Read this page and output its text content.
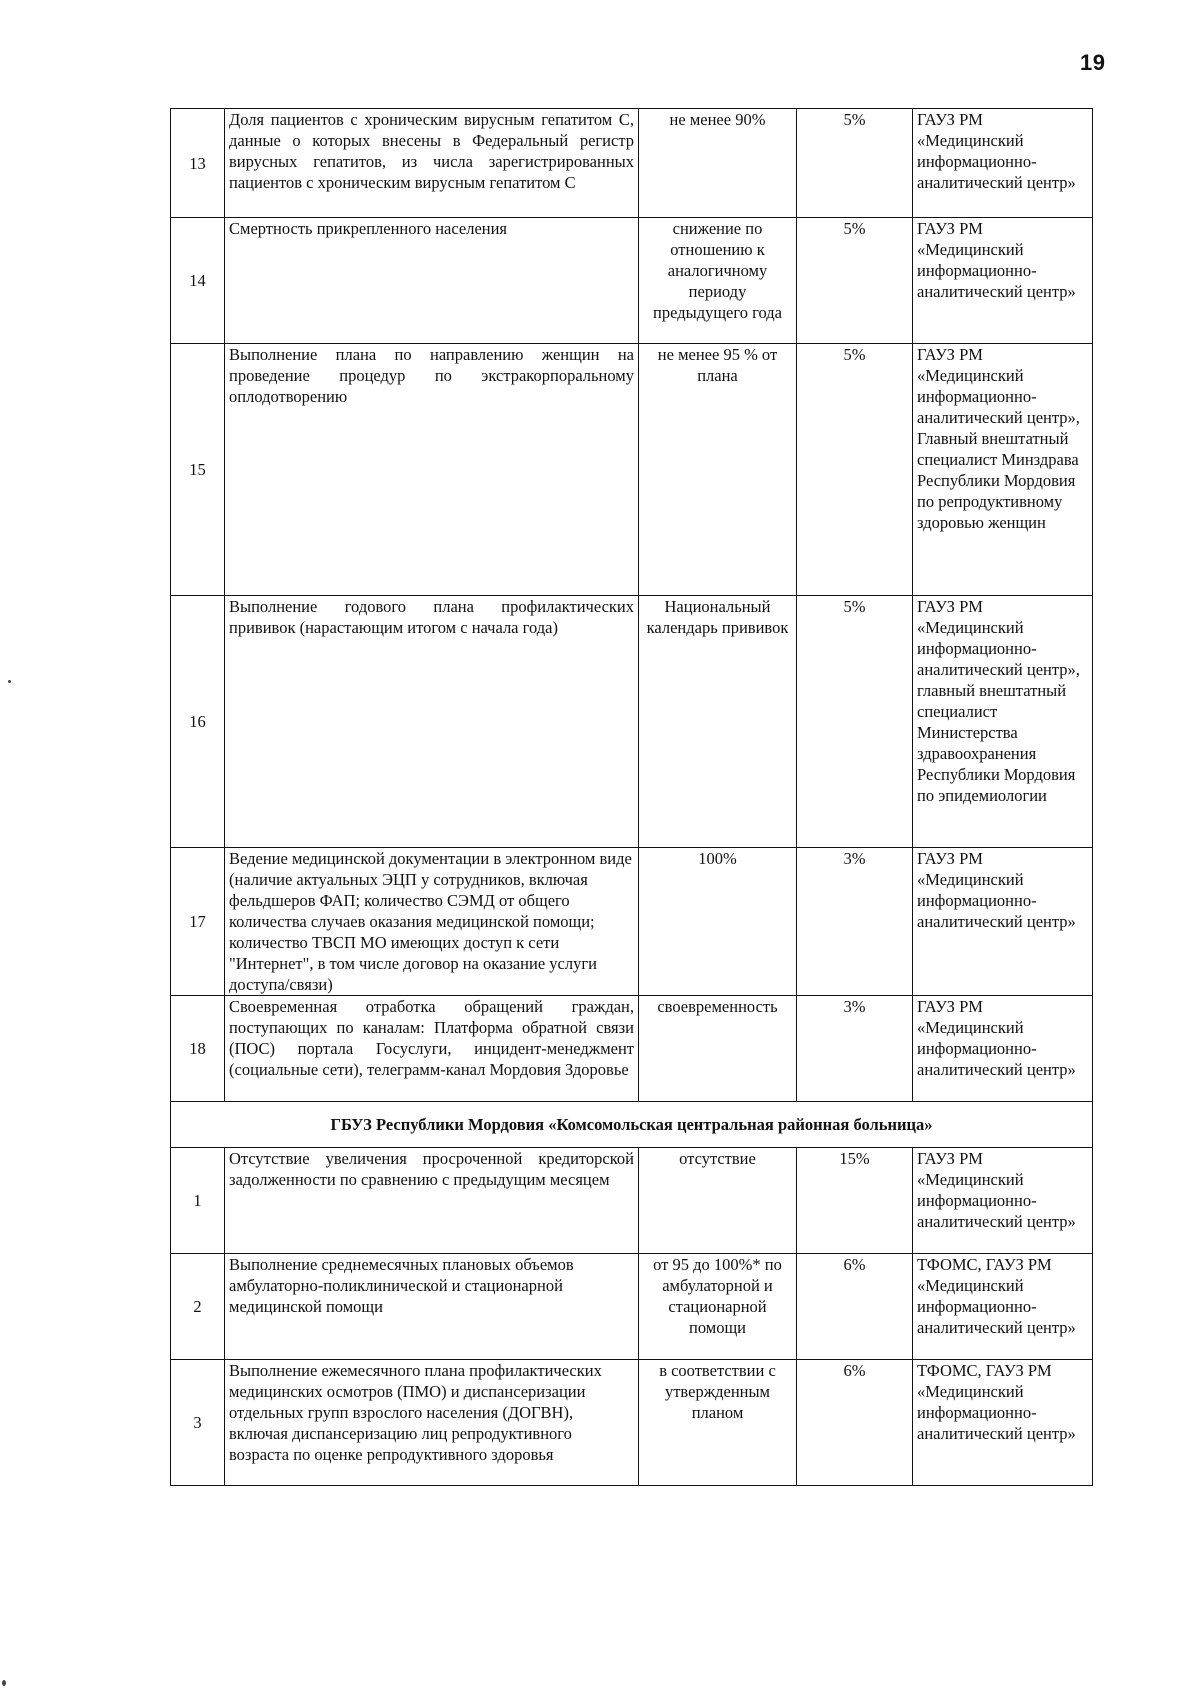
19
13	Доля пациентов с хроническим вирусным гепатитом С, данные о которых внесены в Федеральный регистр вирусных гепатитов, из числа зарегистрированных пациентов с хроническим вирусным гепатитом С	не менее 90%	5%	ГАУЗ РМ «Медицинский информационно-аналитический центр»
14	Смертность прикрепленного населения	снижение по отношению к аналогичному периоду предыдущего года	5%	ГАУЗ РМ «Медицинский информационно-аналитический центр»
15	Выполнение плана по направлению женщин на проведение процедур по экстракорпоральному оплодотворению	не менее 95 % от плана	5%	ГАУЗ РМ «Медицинский информационно-аналитический центр», Главный внештатный специалист Минздрава Республики Мордовия по репродуктивному здоровью женщин
16	Выполнение годового плана профилактических прививок (нарастающим итогом с начала года)	Национальный календарь прививок	5%	ГАУЗ РМ «Медицинский информационно-аналитический центр», главный внештатный специалист Министерства здравоохранения Республики Мордовия по эпидемиологии
17	Ведение медицинской документации в электронном виде (наличие актуальных ЭЦП у сотрудников, включая фельдшеров ФАП; количество СЭМД от общего количества случаев оказания медицинской помощи; количество ТВСП МО имеющих доступ к сети "Интернет", в том числе договор на оказание услуги доступа/связи)	100%	3%	ГАУЗ РМ «Медицинский информационно-аналитический центр»
18	Своевременная отработка обращений граждан, поступающих по каналам: Платформа обратной связи (ПОС) портала Госуслуги, инцидент-менеджмент (социальные сети), телеграмм-канал Мордовия Здоровье	своевременность	3%	ГАУЗ РМ «Медицинский информационно-аналитический центр»
ГБУЗ Республики Мордовия «Комсомольская центральная районная больница»				
1	Отсутствие увеличения просроченной кредиторской задолженности по сравнению с предыдущим месяцем	отсутствие	15%	ГАУЗ РМ «Медицинский информационно-аналитический центр»
2	Выполнение среднемесячных плановых объемов амбулаторно-поликлинической и стационарной медицинской помощи	от 95 до 100%* по амбулаторной и стационарной помощи	6%	ТФОМС, ГАУЗ РМ «Медицинский информационно-аналитический центр»
3	Выполнение ежемесячного плана профилактических медицинских осмотров (ПМО) и диспансеризации отдельных групп взрослого населения (ДОГВН), включая диспансеризацию лиц репродуктивного возраста по оценке репродуктивного здоровья	в соответствии с утвержденным планом	6%	ТФОМС, ГАУЗ РМ «Медицинский информационно-аналитический центр»
